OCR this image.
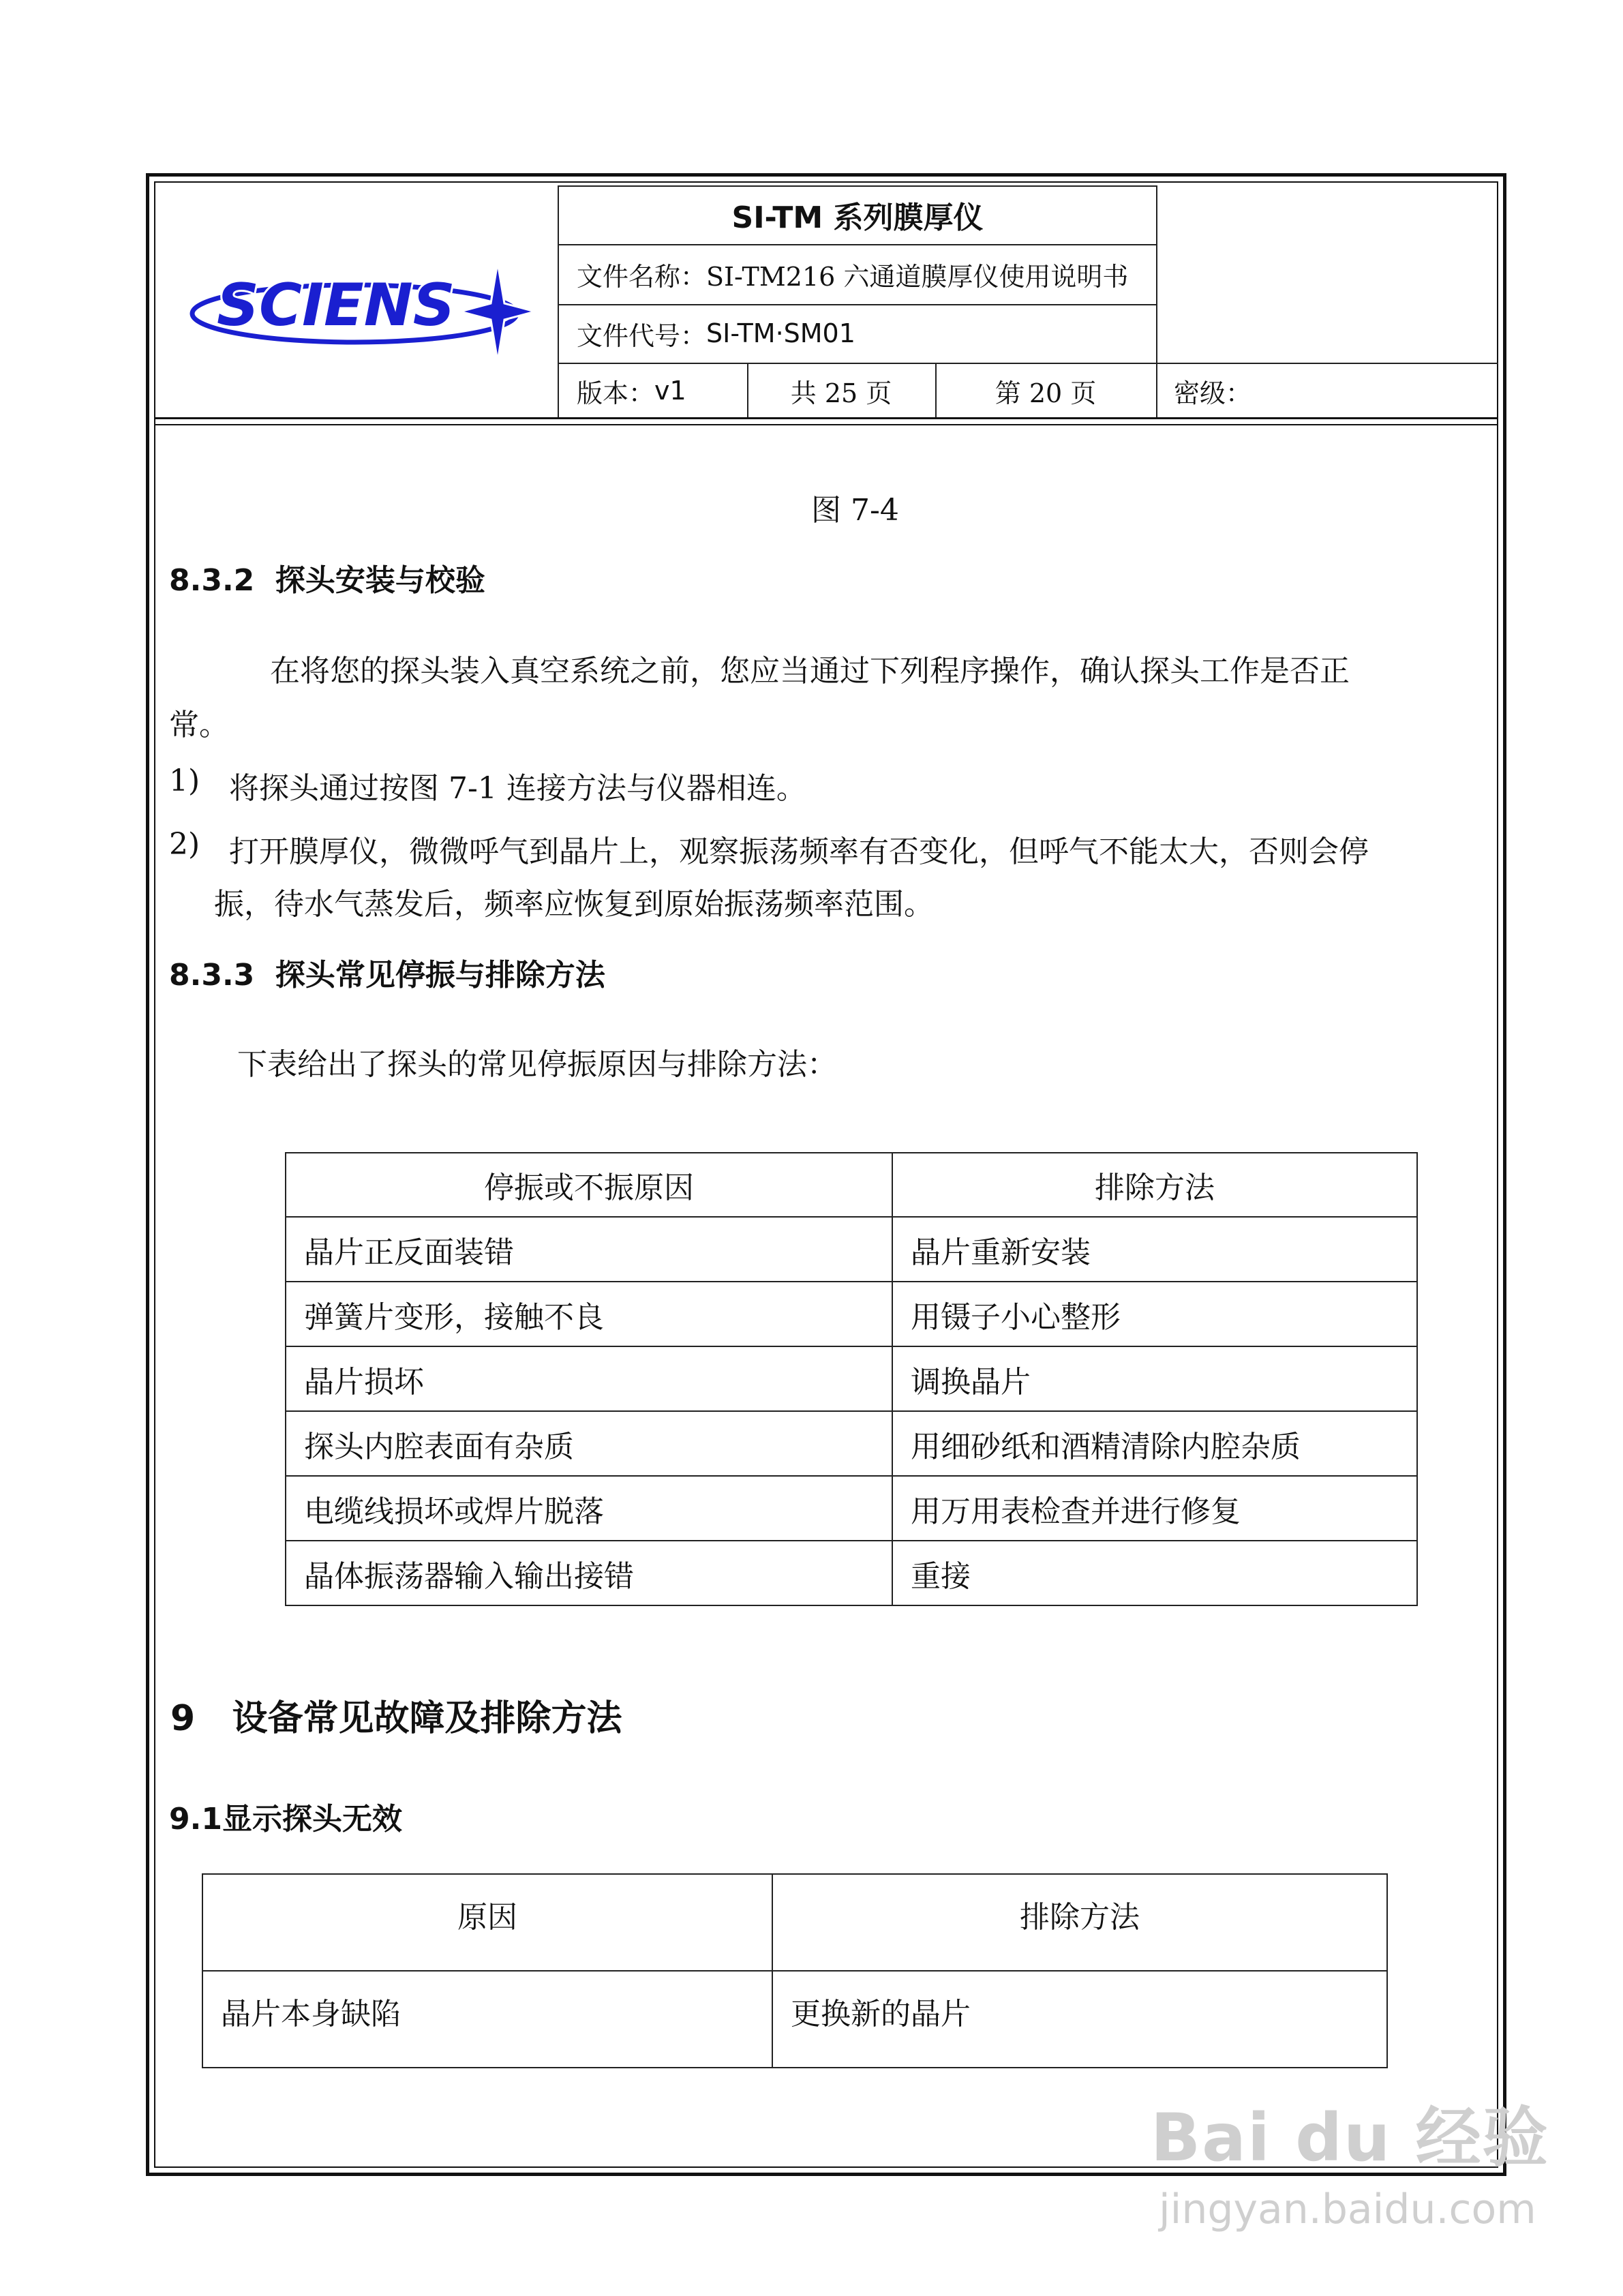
SCIENS
SI-TM 系列膜厚仪
文件名称： SI-TM216 六通道膜厚仪使用说明书
文件代号： SI-TM·SM01
版本： v1	共 25 页	第 20 页	密级：
图 7-4
8.3.2 探头安装与校验
在将您的探头装入真空系统之前，您应当通过下列程序操作，确认探头工作是否正
常。
1) 将探头通过按图 7-1 连接方法与仪器相连。
2) 打开膜厚仪，微微呼气到晶片上，观察振荡频率有否变化，但呼气不能太大，否则会停
振，待水气蒸发后，频率应恢复到原始振荡频率范围。
8.3.3 探头常见停振与排除方法
下表给出了探头的常见停振原因与排除方法：
停振或不振原因	排除方法
晶片正反面装错	晶片重新安装
弹簧片变形，接触不良	用镊子小心整形
晶片损坏	调换晶片
探头内腔表面有杂质	用细砂纸和酒精清除内腔杂质
电缆线损坏或焊片脱落	用万用表检查并进行修复
晶体振荡器输入输出接错	重接
9 设备常见故障及排除方法
9.1显示探头无效
原因	排除方法
晶片本身缺陷	更换新的晶片
Bai du 经验
jingyan.baidu.com
